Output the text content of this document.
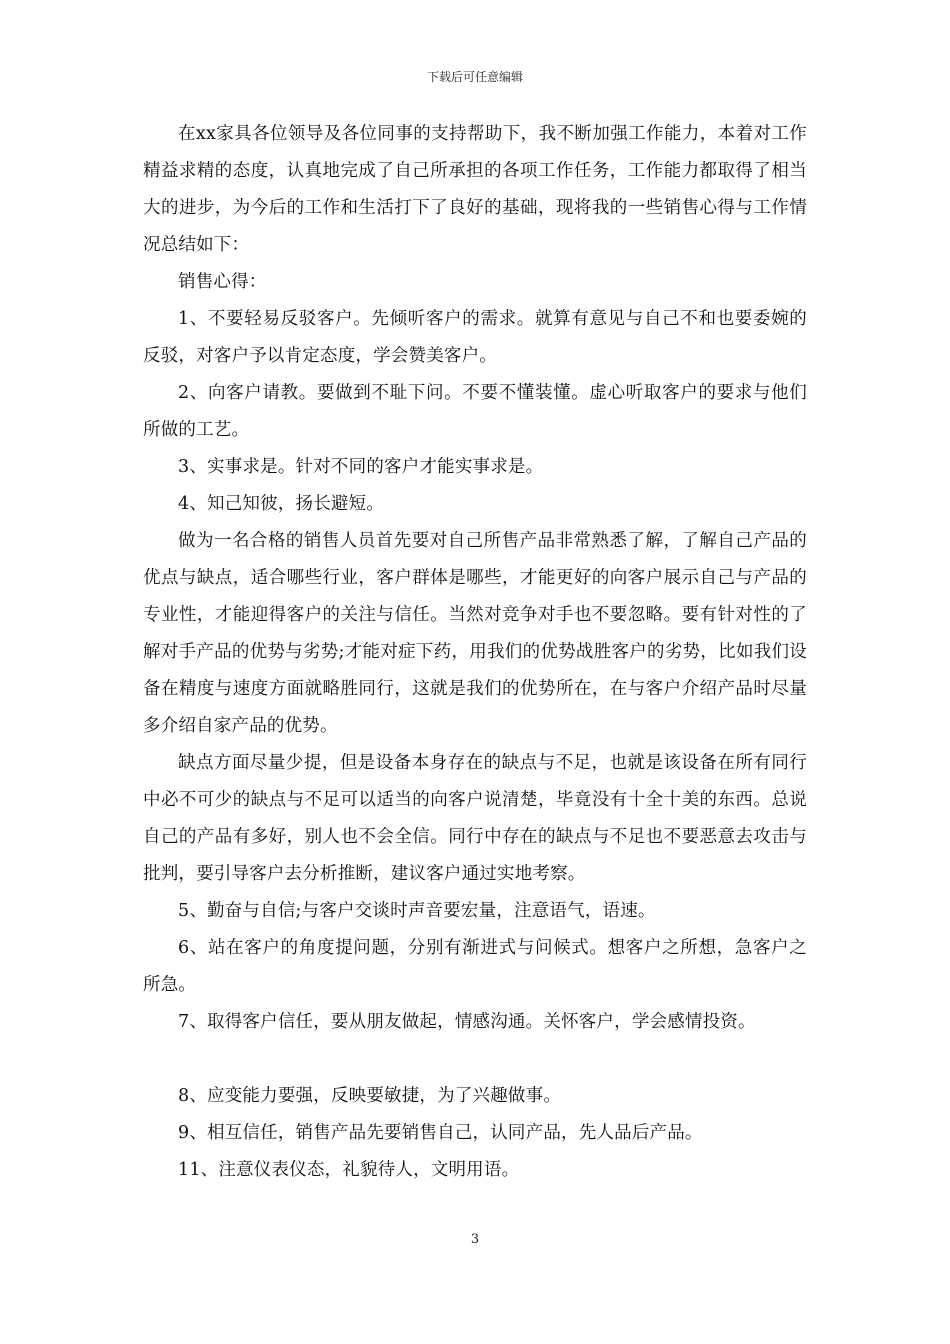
下载后可任意编辑

在xx家具各位领导及各位同事的支持帮助下，我不断加强工作能力，本着对工作精益求精的态度，认真地完成了自己所承担的各项工作任务，工作能力都取得了相当大的进步，为今后的工作和生活打下了良好的基础，现将我的一些销售心得与工作情况总结如下：

销售心得：

1、不要轻易反驳客户。先倾听客户的需求。就算有意见与自己不和也要委婉的反驳，对客户予以肯定态度，学会赞美客户。

2、向客户请教。要做到不耻下问。不要不懂装懂。虚心听取客户的要求与他们所做的工艺。

3、实事求是。针对不同的客户才能实事求是。

4、知己知彼，扬长避短。

做为一名合格的销售人员首先要对自己所售产品非常熟悉了解，了解自己产品的优点与缺点，适合哪些行业，客户群体是哪些，才能更好的向客户展示自己与产品的专业性，才能迎得客户的关注与信任。当然对竞争对手也不要忽略。要有针对性的了解对手产品的优势与劣势;才能对症下药，用我们的优势战胜客户的劣势，比如我们设备在精度与速度方面就略胜同行，这就是我们的优势所在，在与客户介绍产品时尽量多介绍自家产品的优势。

缺点方面尽量少提，但是设备本身存在的缺点与不足，也就是该设备在所有同行中必不可少的缺点与不足可以适当的向客户说清楚，毕竟没有十全十美的东西。总说自己的产品有多好，别人也不会全信。同行中存在的缺点与不足也不要恶意去攻击与批判，要引导客户去分析推断，建议客户通过实地考察。

5、勤奋与自信;与客户交谈时声音要宏量，注意语气，语速。

6、站在客户的角度提问题，分别有渐进式与问候式。想客户之所想，急客户之所急。

7、取得客户信任，要从朋友做起，情感沟通。关怀客户，学会感情投资。

8、应变能力要强，反映要敏捷，为了兴趣做事。

9、相互信任，销售产品先要销售自己，认同产品，先人品后产品。

11、注意仪表仪态，礼貌待人，文明用语。

3
